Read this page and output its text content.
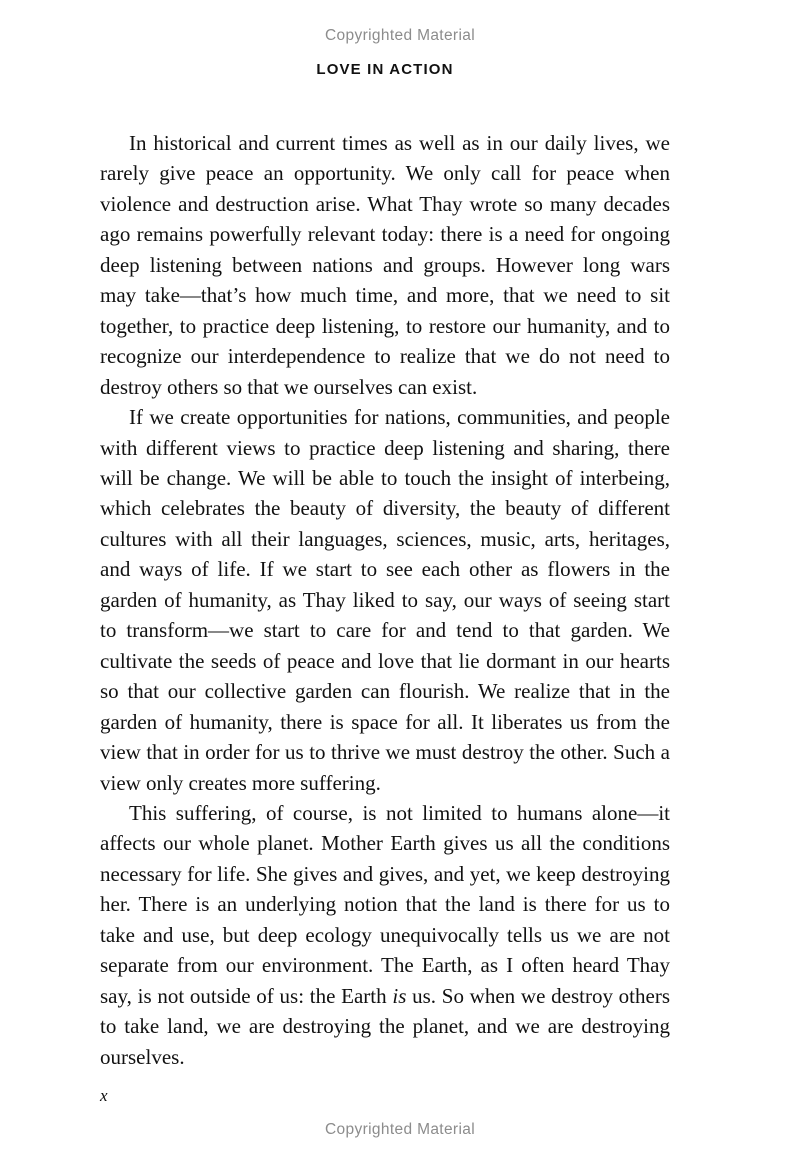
Copyrighted Material
LOVE IN ACTION

In historical and current times as well as in our daily lives, we rarely give peace an opportunity. We only call for peace when violence and destruction arise. What Thay wrote so many decades ago remains powerfully relevant today: there is a need for ongoing deep listening between nations and groups. However long wars may take—that’s how much time, and more, that we need to sit together, to practice deep listening, to restore our humanity, and to recognize our interdependence to realize that we do not need to destroy others so that we ourselves can exist.

If we create opportunities for nations, communities, and people with different views to practice deep listening and sharing, there will be change. We will be able to touch the insight of interbeing, which celebrates the beauty of diversity, the beauty of different cultures with all their languages, sciences, music, arts, heritages, and ways of life. If we start to see each other as flowers in the garden of humanity, as Thay liked to say, our ways of seeing start to transform—we start to care for and tend to that garden. We cultivate the seeds of peace and love that lie dormant in our hearts so that our collective garden can flourish. We realize that in the garden of humanity, there is space for all. It liberates us from the view that in order for us to thrive we must destroy the other. Such a view only creates more suffering.

This suffering, of course, is not limited to humans alone—it affects our whole planet. Mother Earth gives us all the conditions necessary for life. She gives and gives, and yet, we keep destroying her. There is an underlying notion that the land is there for us to take and use, but deep ecology unequivocally tells us we are not separate from our environment. The Earth, as I often heard Thay say, is not outside of us: the Earth is us. So when we destroy others to take land, we are destroying the planet, and we are destroying ourselves.

x
Copyrighted Material
